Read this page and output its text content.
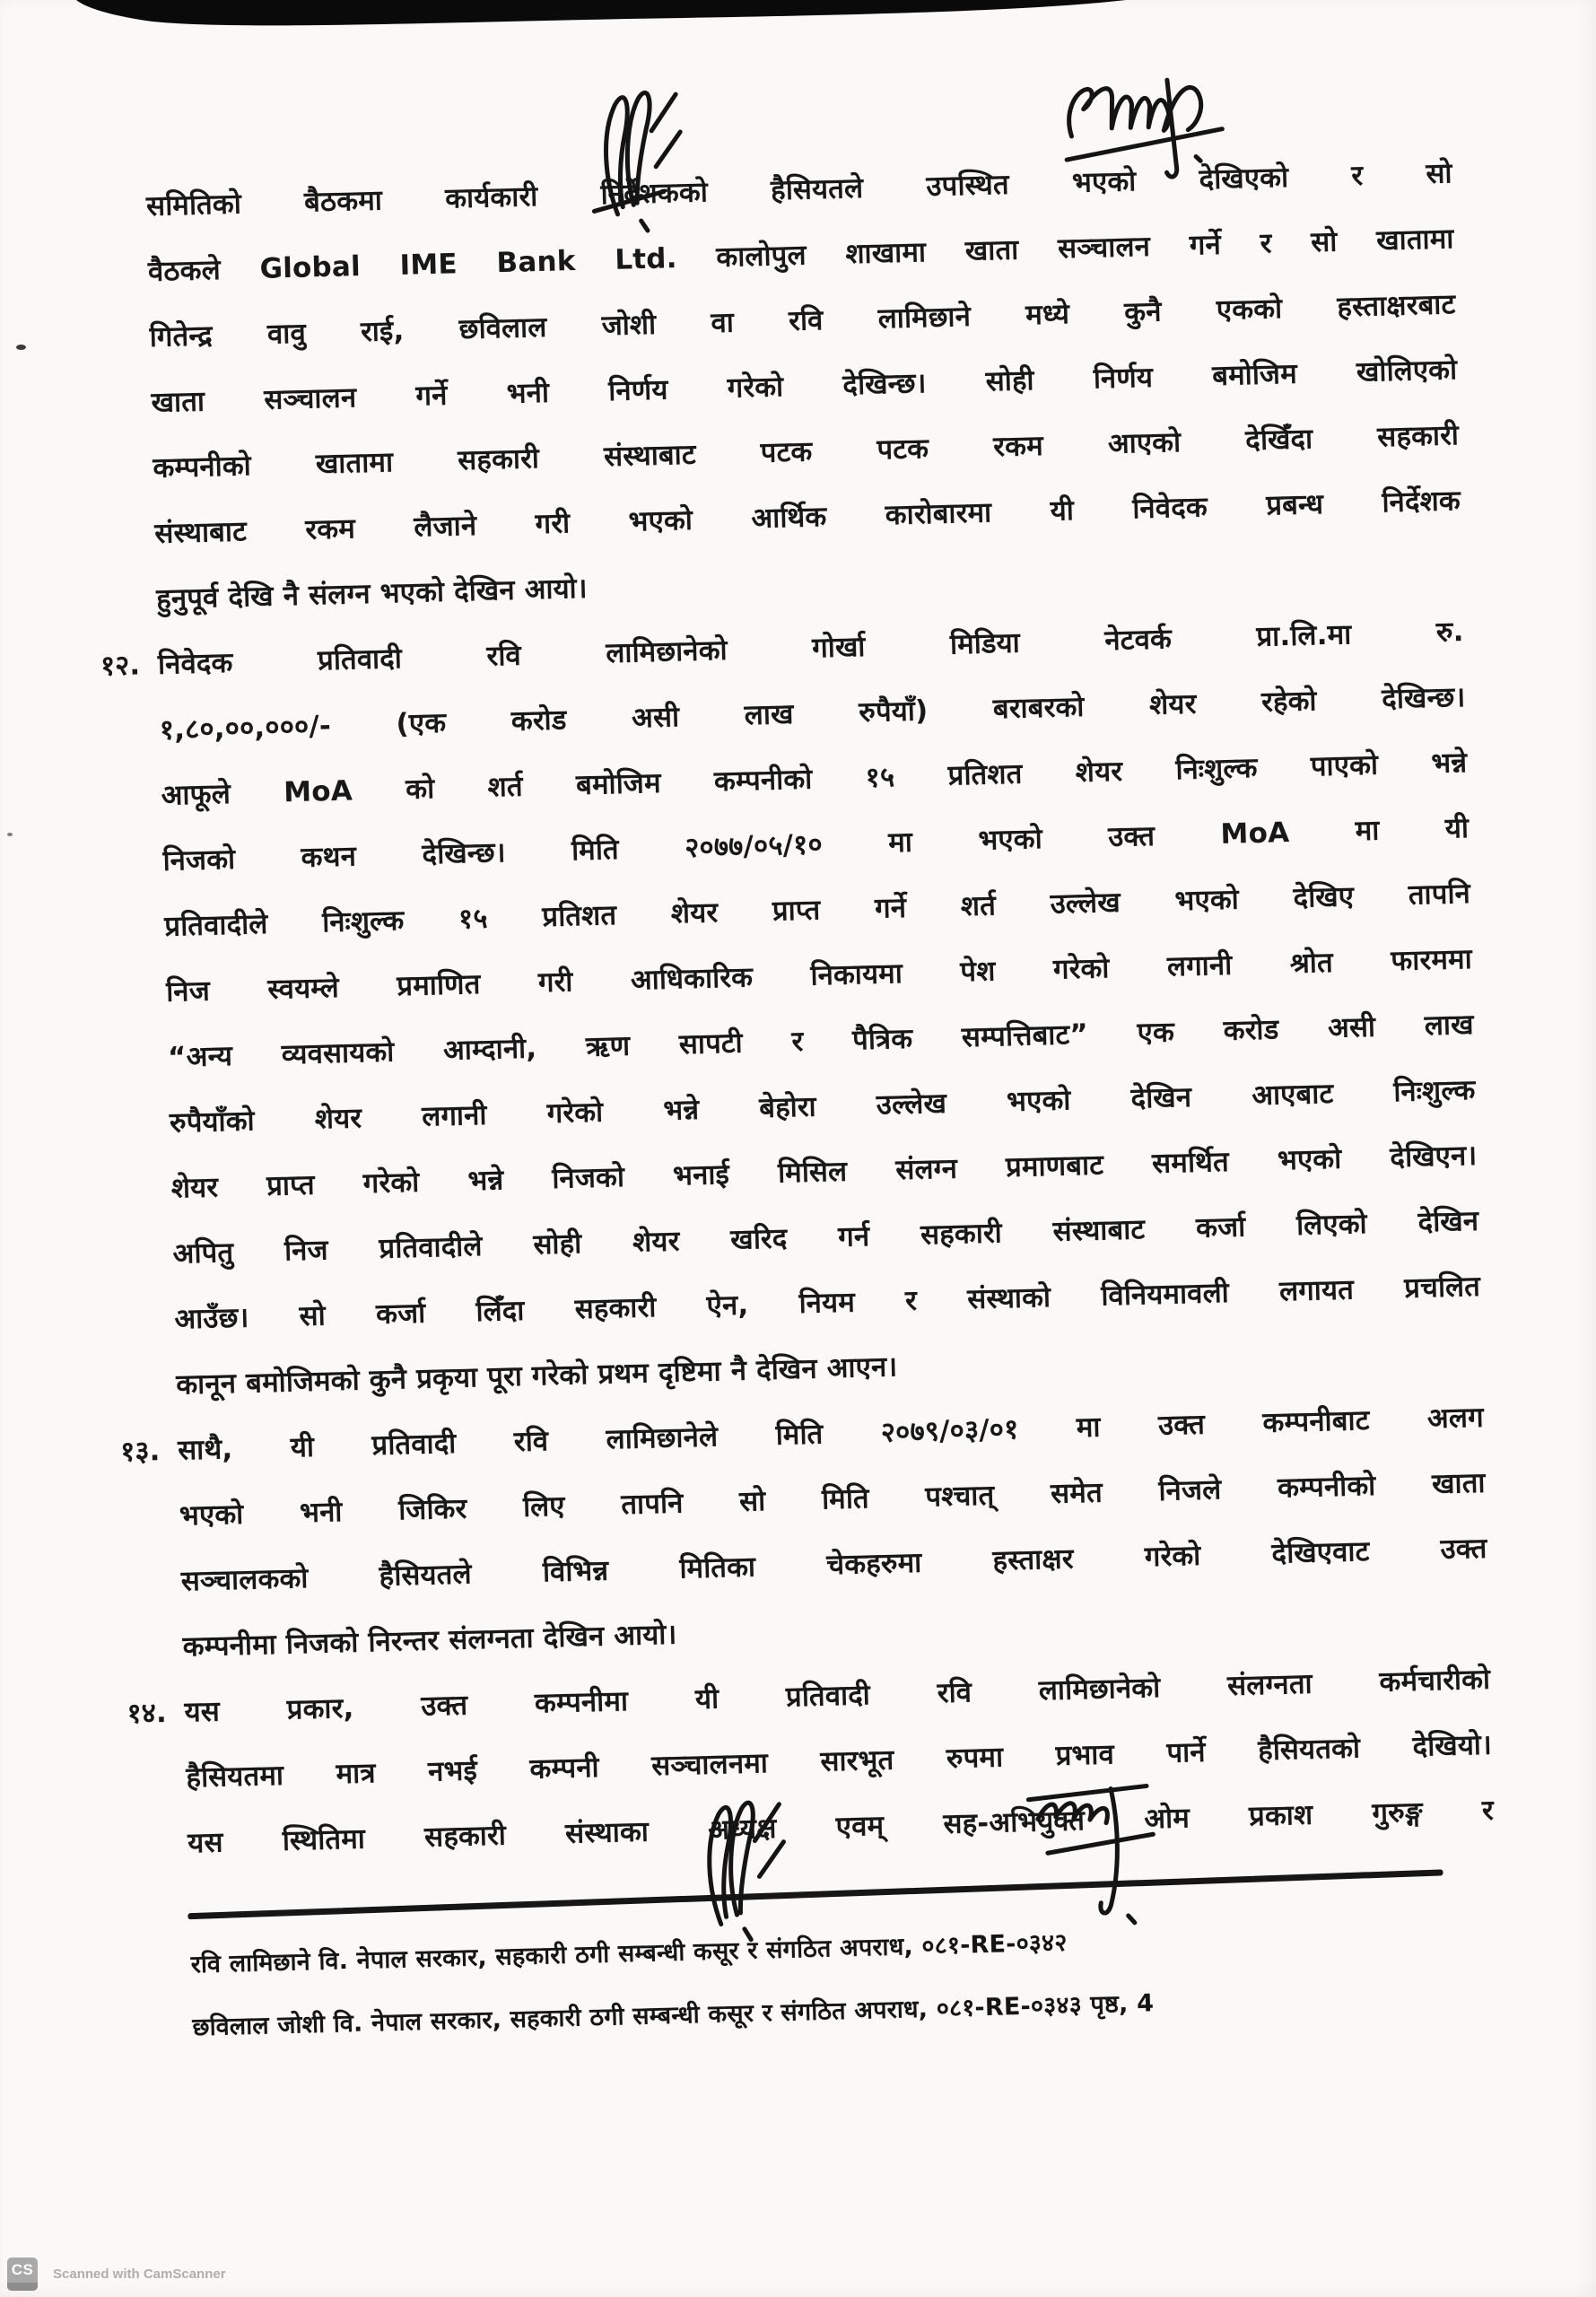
समितिको बैठकमा कार्यकारी निर्देशकको हैसियतले उपस्थित भएको देखिएको र सो
वैठकले Global IME Bank Ltd. कालोपुल शाखामा खाता सञ्चालन गर्ने र सो खातामा
गितेन्द्र वावु राई, छविलाल जोशी वा रवि लामिछाने मध्ये कुनै एकको हस्ताक्षरबाट
खाता सञ्चालन गर्ने भनी निर्णय गरेको देखिन्छ। सोही निर्णय बमोजिम खोलिएको
कम्पनीको खातामा सहकारी संस्थाबाट पटक पटक रकम आएको देखिँदा सहकारी
संस्थाबाट रकम लैजाने गरी भएको आर्थिक कारोबारमा यी निवेदक प्रबन्ध निर्देशक
हुनुपूर्व देखि नै संलग्न भएको देखिन आयो।
१२. निवेदक प्रतिवादी रवि लामिछानेको गोर्खा मिडिया नेटवर्क प्रा.लि.मा रु.
१,८०,००,०००/- (एक करोड असी लाख रुपैयाँ) बराबरको शेयर रहेको देखिन्छ।
आफूले MoA को शर्त बमोजिम कम्पनीको १५ प्रतिशत शेयर निःशुल्क पाएको भन्ने
निजको कथन देखिन्छ। मिति २०७७/०५/१० मा भएको उक्त MoA मा यी
प्रतिवादीले निःशुल्क १५ प्रतिशत शेयर प्राप्त गर्ने शर्त उल्लेख भएको देखिए तापनि
निज स्वयम्ले प्रमाणित गरी आधिकारिक निकायमा पेश गरेको लगानी श्रोत फारममा
“अन्य व्यवसायको आम्दानी, ऋण सापटी र पैत्रिक सम्पत्तिबाट” एक करोड असी लाख
रुपैयाँको शेयर लगानी गरेको भन्ने बेहोरा उल्लेख भएको देखिन आएबाट निःशुल्क
शेयर प्राप्त गरेको भन्ने निजको भनाई मिसिल संलग्न प्रमाणबाट समर्थित भएको देखिएन।
अपितु निज प्रतिवादीले सोही शेयर खरिद गर्न सहकारी संस्थाबाट कर्जा लिएको देखिन
आउँछ। सो कर्जा लिँदा सहकारी ऐन, नियम र संस्थाको विनियमावली लगायत प्रचलित
कानून बमोजिमको कुनै प्रकृया पूरा गरेको प्रथम दृष्टिमा नै देखिन आएन।
१३. साथै, यी प्रतिवादी रवि लामिछानेले मिति २०७९/०३/०१ मा उक्त कम्पनीबाट अलग
भएको भनी जिकिर लिए तापनि सो मिति पश्चात् समेत निजले कम्पनीको खाता
सञ्चालकको हैसियतले विभिन्न मितिका चेकहरुमा हस्ताक्षर गरेको देखिएवाट उक्त
कम्पनीमा निजको निरन्तर संलग्नता देखिन आयो।
१४. यस प्रकार, उक्त कम्पनीमा यी प्रतिवादी रवि लामिछानेको संलग्नता कर्मचारीको
हैसियतमा मात्र नभई कम्पनी सञ्चालनमा सारभूत रुपमा प्रभाव पार्ने हैसियतको देखियो।
यस स्थितिमा सहकारी संस्थाका अध्यक्ष एवम् सह-अभियुक्त ओम प्रकाश गुरुङ्ग र
रवि लामिछाने वि. नेपाल सरकार, सहकारी ठगी सम्बन्धी कसूर र संगठित अपराध, ०८१-RE-०३४२
छविलाल जोशी वि. नेपाल सरकार, सहकारी ठगी सम्बन्धी कसूर र संगठित अपराध, ०८१-RE-०३४३ पृष्ठ, 4
CS Scanned with CamScanner
